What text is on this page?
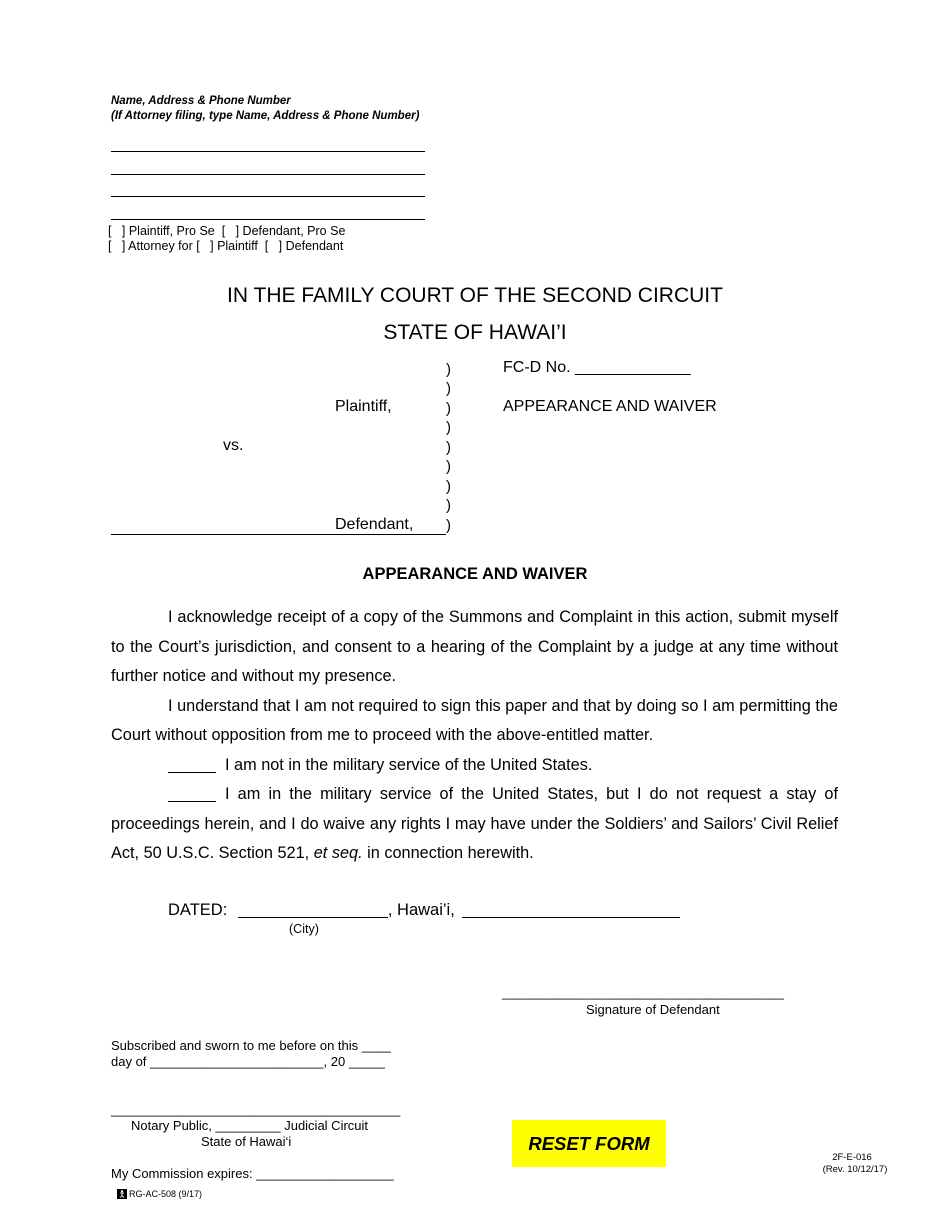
Name, Address & Phone Number
(If Attorney filing, type Name, Address & Phone Number)
[   ] Plaintiff, Pro Se  [   ] Defendant, Pro Se
[   ] Attorney for [   ] Plaintiff  [   ] Defendant
IN THE FAMILY COURT OF THE SECOND CIRCUIT
STATE OF HAWAI’I
)
)
)
)
)
)
)
)
)
FC-D No. _____________
APPEARANCE AND WAIVER
Plaintiff,
vs.
Defendant,
APPEARANCE AND WAIVER

I acknowledge receipt of a copy of the Summons and Complaint in this action, submit myself to the Court’s jurisdiction, and consent to a hearing of the Complaint by a judge at any time without further notice and without my presence.

I understand that I am not required to sign this paper and that by doing so I am permitting the Court without opposition from me to proceed with the above-entitled matter.

I am not in the military service of the United States.

I am in the military service of the United States, but I do not request a stay of proceedings herein, and I do waive any rights I may have under the Soldiers’ and Sailors’ Civil Relief Act, 50 U.S.C. Section 521, et seq. in connection herewith.

DATED:	, Hawai’i,
(City)
_______________________________________
Signature of Defendant
Subscribed and sworn to me before on this ____
day of ________________________, 20 _____
________________________________________
Notary Public, _________ Judicial Circuit
State of Hawai‘i
My Commission expires: ___________________
RESET FORM
2F-E-016
(Rev. 10/12/17)
RG-AC-508 (9/17)
